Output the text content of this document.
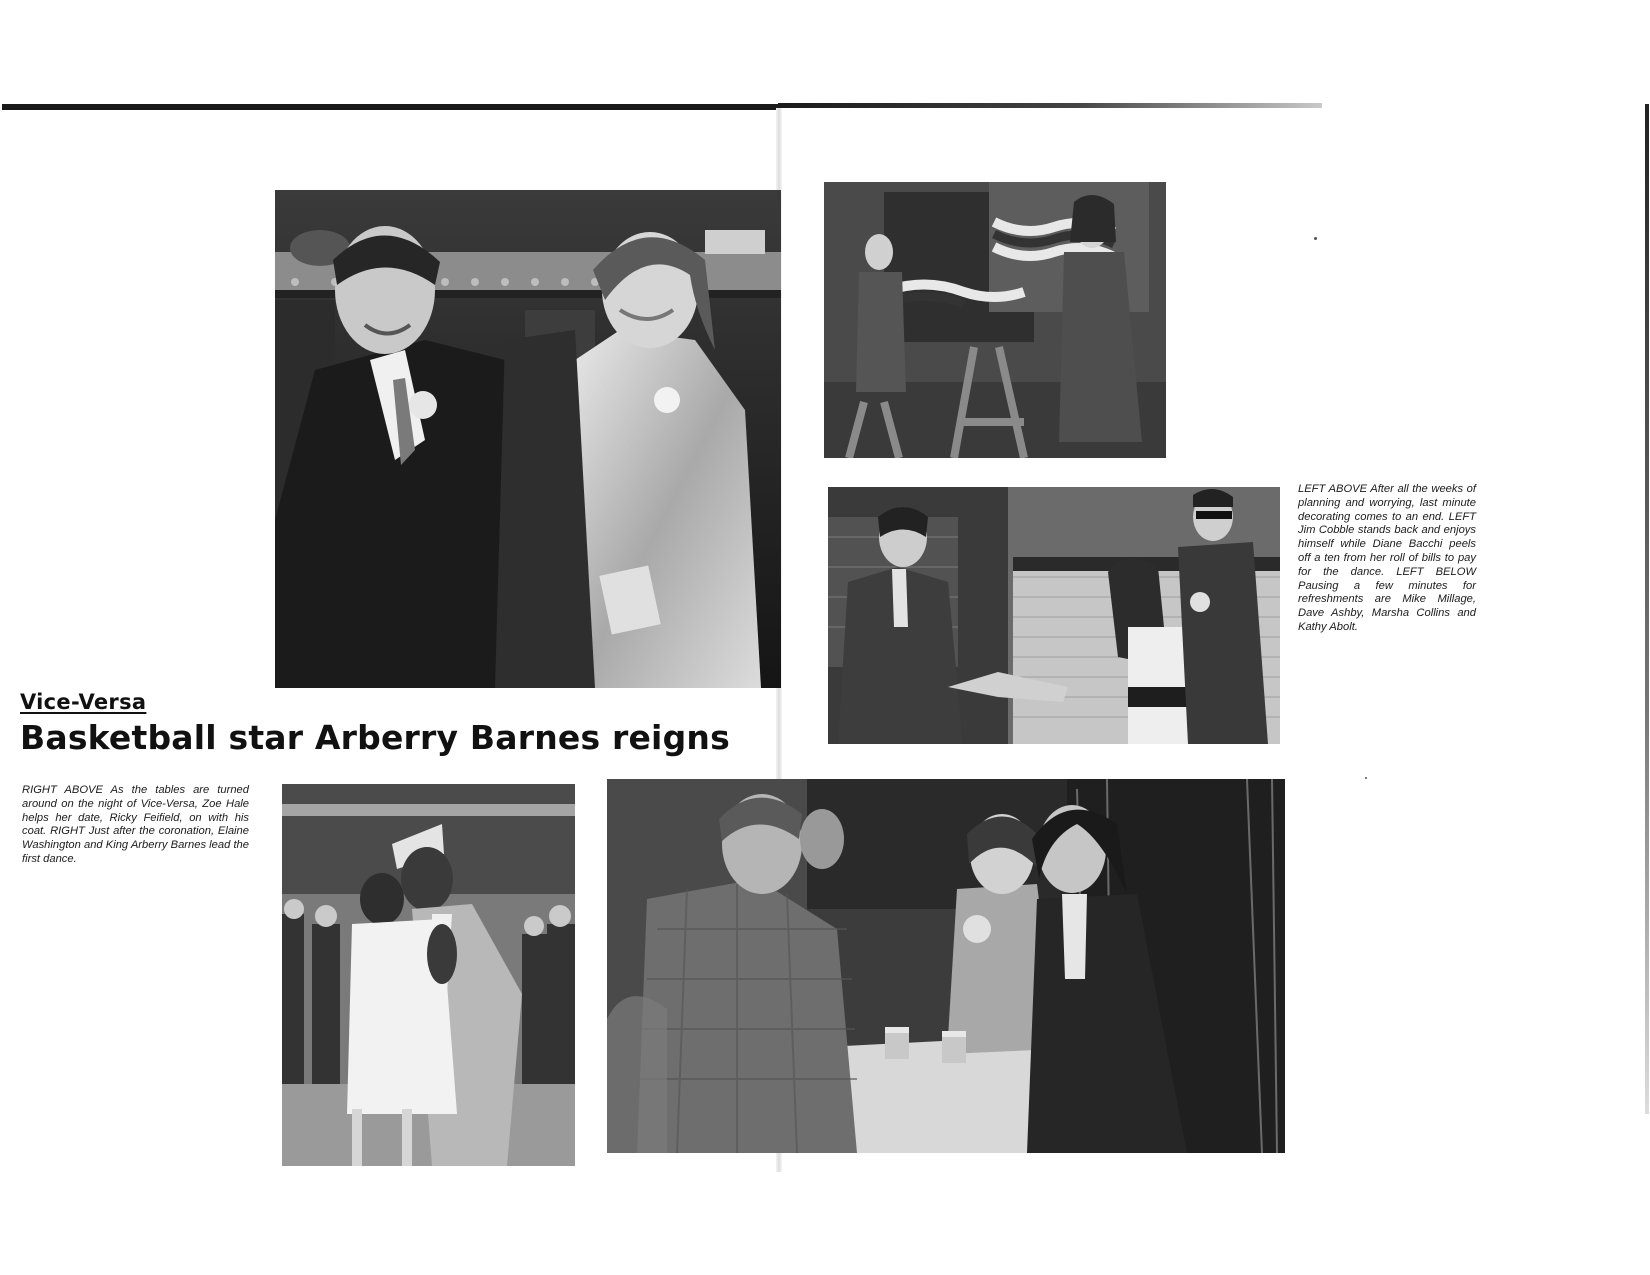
Vice-Versa
Basketball star Arberry Barnes reigns

RIGHT ABOVE As the tables are turned around on the night of Vice-Versa, Zoe Hale helps her date, Ricky Feifield, on with his coat. RIGHT Just after the coronation, Elaine Washington and King Arberry Barnes lead the first dance.

LEFT ABOVE After all the weeks of planning and worrying, last minute decorating comes to an end. LEFT Jim Cobble stands back and enjoys himself while Diane Bacchi peels off a ten from her roll of bills to pay for the dance. LEFT BELOW Pausing a few minutes for refreshments are Mike Millage, Dave Ashby, Marsha Collins and Kathy Abolt.
